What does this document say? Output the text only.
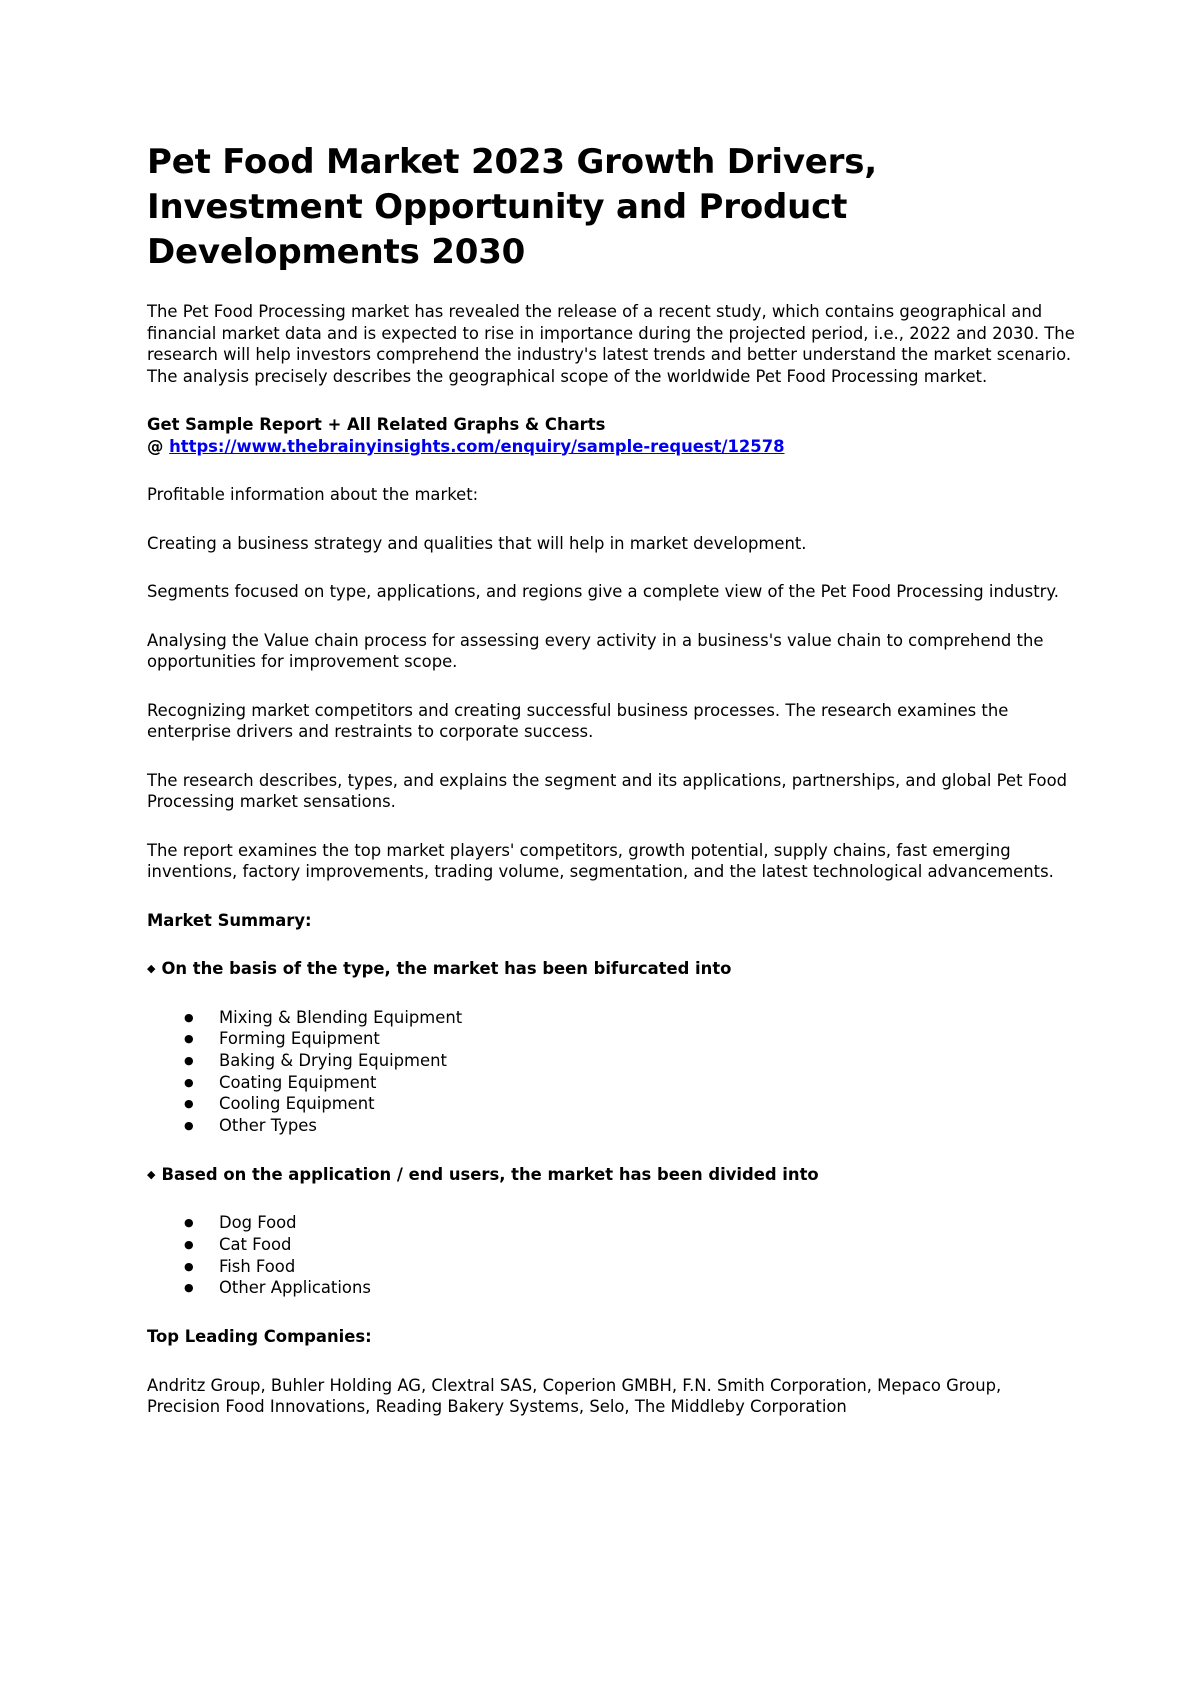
Pet Food Market 2023 Growth Drivers, Investment Opportunity and Product Developments 2030

The Pet Food Processing market has revealed the release of a recent study, which contains geographical and financial market data and is expected to rise in importance during the projected period, i.e., 2022 and 2030. The research will help investors comprehend the industry's latest trends and better understand the market scenario. The analysis precisely describes the geographical scope of the worldwide Pet Food Processing market.

Get Sample Report + All Related Graphs & Charts
@ https://www.thebrainyinsights.com/enquiry/sample-request/12578

Profitable information about the market:

Creating a business strategy and qualities that will help in market development.

Segments focused on type, applications, and regions give a complete view of the Pet Food Processing industry.

Analysing the Value chain process for assessing every activity in a business's value chain to comprehend the opportunities for improvement scope.

Recognizing market competitors and creating successful business processes. The research examines the enterprise drivers and restraints to corporate success.

The research describes, types, and explains the segment and its applications, partnerships, and global Pet Food Processing market sensations.

The report examines the top market players' competitors, growth potential, supply chains, fast emerging inventions, factory improvements, trading volume, segmentation, and the latest technological advancements.

Market Summary:

◆ On the basis of the type, the market has been bifurcated into

● Mixing & Blending Equipment
● Forming Equipment
● Baking & Drying Equipment
● Coating Equipment
● Cooling Equipment
● Other Types

◆ Based on the application / end users, the market has been divided into

● Dog Food
● Cat Food
● Fish Food
● Other Applications

Top Leading Companies:

Andritz Group, Buhler Holding AG, Clextral SAS, Coperion GMBH, F.N. Smith Corporation, Mepaco Group, Precision Food Innovations, Reading Bakery Systems, Selo, The Middleby Corporation
